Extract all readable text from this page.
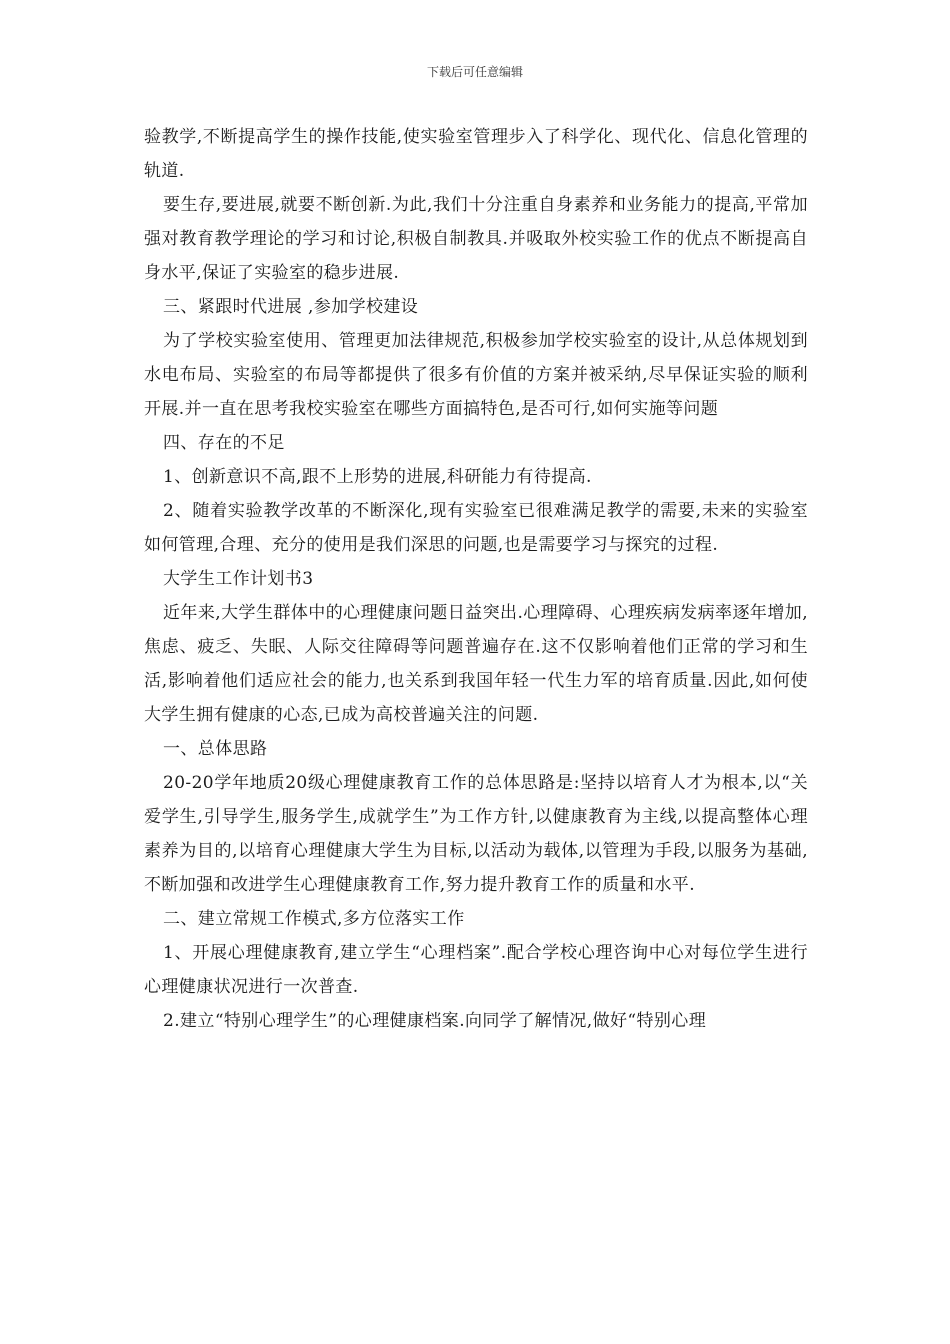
下载后可任意编辑

验教学,不断提高学生的操作技能,使实验室管理步入了科学化、现代化、信息化管理的轨道.

要生存,要进展,就要不断创新.为此,我们十分注重自身素养和业务能力的提高,平常加强对教育教学理论的学习和讨论,积极自制教具.并吸取外校实验工作的优点不断提高自身水平,保证了实验室的稳步进展.

三、紧跟时代进展 ,参加学校建设

为了学校实验室使用、管理更加法律规范,积极参加学校实验室的设计,从总体规划到水电布局、实验室的布局等都提供了很多有价值的方案并被采纳,尽早保证实验的顺利开展.并一直在思考我校实验室在哪些方面搞特色,是否可行,如何实施等问题

四、存在的不足

1、创新意识不高,跟不上形势的进展,科研能力有待提高.

2、随着实验教学改革的不断深化,现有实验室已很难满足教学的需要,未来的实验室如何管理,合理、充分的使用是我们深思的问题,也是需要学习与探究的过程.

大学生工作计划书3

近年来,大学生群体中的心理健康问题日益突出.心理障碍、心理疾病发病率逐年增加,焦虑、疲乏、失眠、人际交往障碍等问题普遍存在.这不仅影响着他们正常的学习和生活,影响着他们适应社会的能力,也关系到我国年轻一代生力军的培育质量.因此,如何使大学生拥有健康的心态,已成为高校普遍关注的问题.

一、总体思路

20-20学年地质20级心理健康教育工作的总体思路是:坚持以培育人才为根本,以“关爱学生,引导学生,服务学生,成就学生”为工作方针,以健康教育为主线,以提高整体心理素养为目的,以培育心理健康大学生为目标,以活动为载体,以管理为手段,以服务为基础,不断加强和改进学生心理健康教育工作,努力提升教育工作的质量和水平.

二、建立常规工作模式,多方位落实工作

1、开展心理健康教育,建立学生“心理档案”.配合学校心理咨询中心对每位学生进行心理健康状况进行一次普查.

2.建立“特别心理学生”的心理健康档案.向同学了解情况,做好“特别心理
